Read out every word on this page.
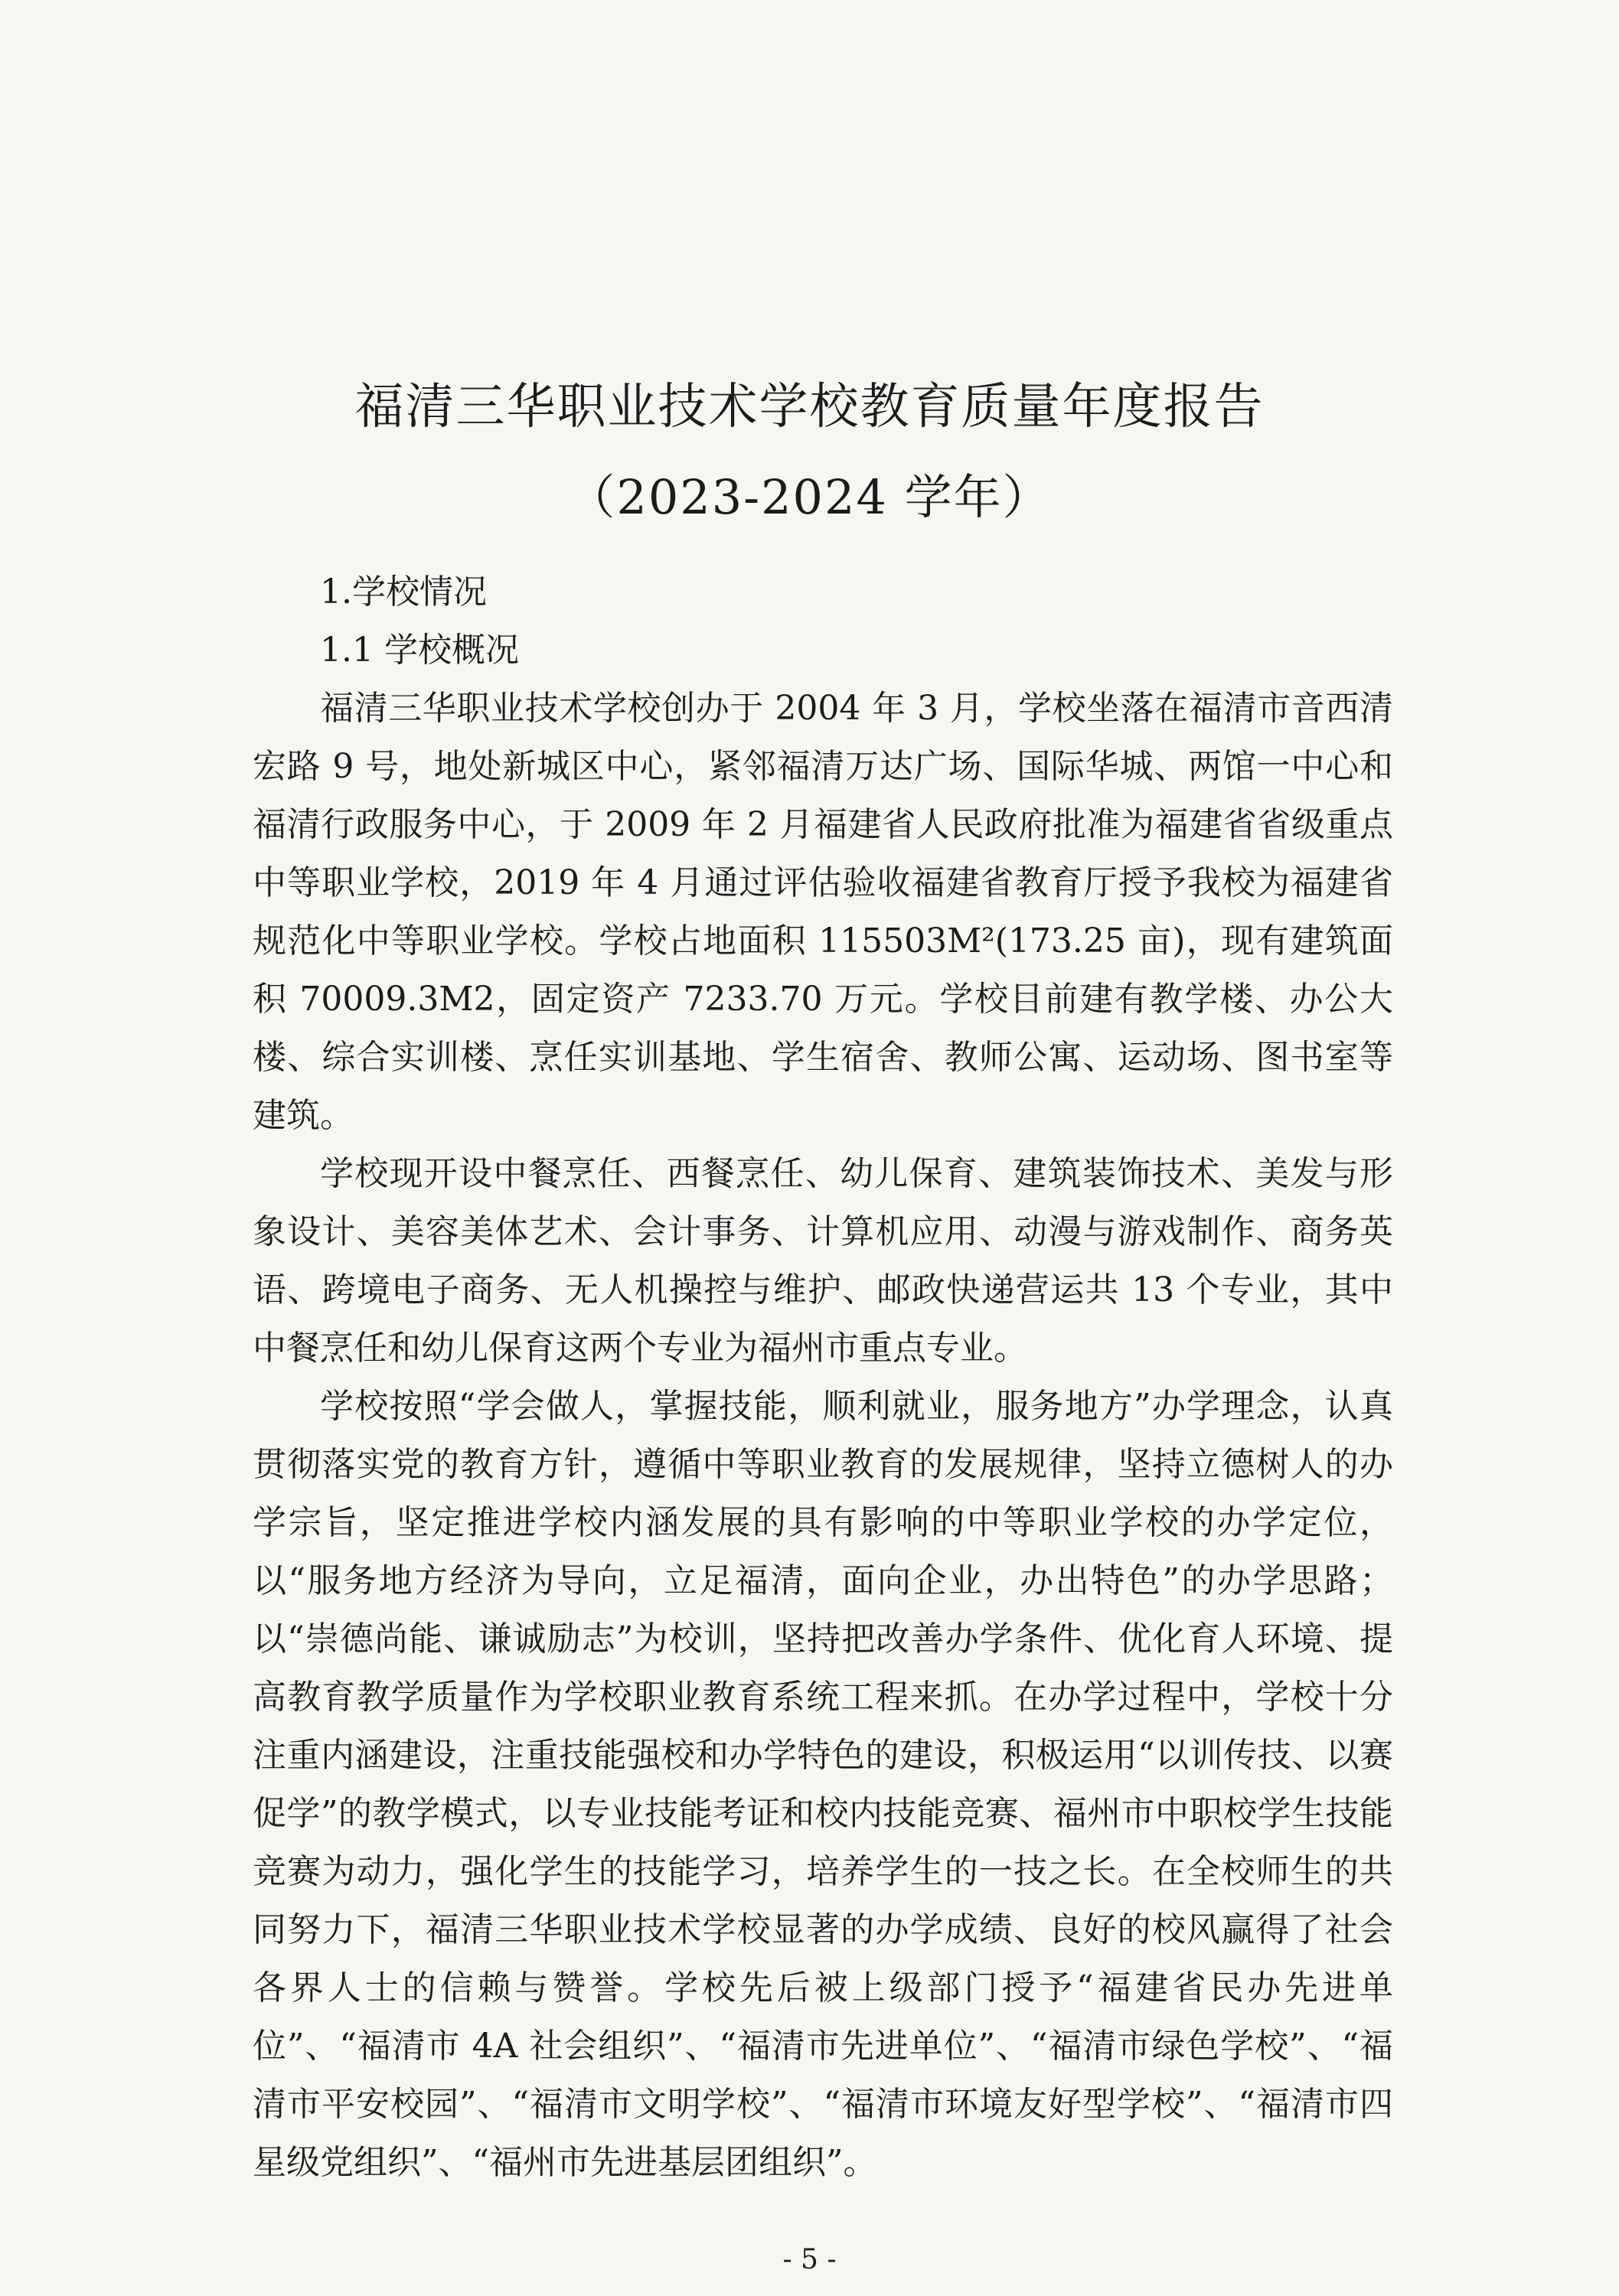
福清三华职业技术学校教育质量年度报告
（2023-2024 学年）
1.学校情况
1.1 学校概况

福清三华职业技术学校创办于 2004 年 3 月，学校坐落在福清市音西清宏路 9 号，地处新城区中心，紧邻福清万达广场、国际华城、两馆一中心和福清行政服务中心，于 2009 年 2 月福建省人民政府批准为福建省省级重点中等职业学校，2019 年 4 月通过评估验收福建省教育厅授予我校为福建省规范化中等职业学校。学校占地面积 115503M²(173.25 亩)，现有建筑面积 70009.3M2，固定资产 7233.70 万元。学校目前建有教学楼、办公大楼、综合实训楼、烹任实训基地、学生宿舍、教师公寓、运动场、图书室等建筑。

学校现开设中餐烹任、西餐烹任、幼儿保育、建筑装饰技术、美发与形象设计、美容美体艺术、会计事务、计算机应用、动漫与游戏制作、商务英语、跨境电子商务、无人机操控与维护、邮政快递营运共 13 个专业，其中中餐烹任和幼儿保育这两个专业为福州市重点专业。

学校按照“学会做人，掌握技能，顺利就业，服务地方”办学理念，认真贯彻落实党的教育方针，遵循中等职业教育的发展规律，坚持立德树人的办学宗旨，坚定推进学校内涵发展的具有影响的中等职业学校的办学定位，以“服务地方经济为导向，立足福清，面向企业，办出特色”的办学思路；以“崇德尚能、谦诚励志”为校训，坚持把改善办学条件、优化育人环境、提高教育教学质量作为学校职业教育系统工程来抓。在办学过程中，学校十分注重内涵建设，注重技能强校和办学特色的建设，积极运用“以训传技、以赛促学”的教学模式，以专业技能考证和校内技能竞赛、福州市中职校学生技能竞赛为动力，强化学生的技能学习，培养学生的一技之长。在全校师生的共同努力下，福清三华职业技术学校显著的办学成绩、良好的校风赢得了社会各界人士的信赖与赞誉。学校先后被上级部门授予“福建省民办先进单位”、“福清市 4A 社会组织”、“福清市先进单位”、“福清市绿色学校”、“福清市平安校园”、“福清市文明学校”、“福清市环境友好型学校”、“福清市四星级党组织”、“福州市先进基层团组织”。

- 5 -
